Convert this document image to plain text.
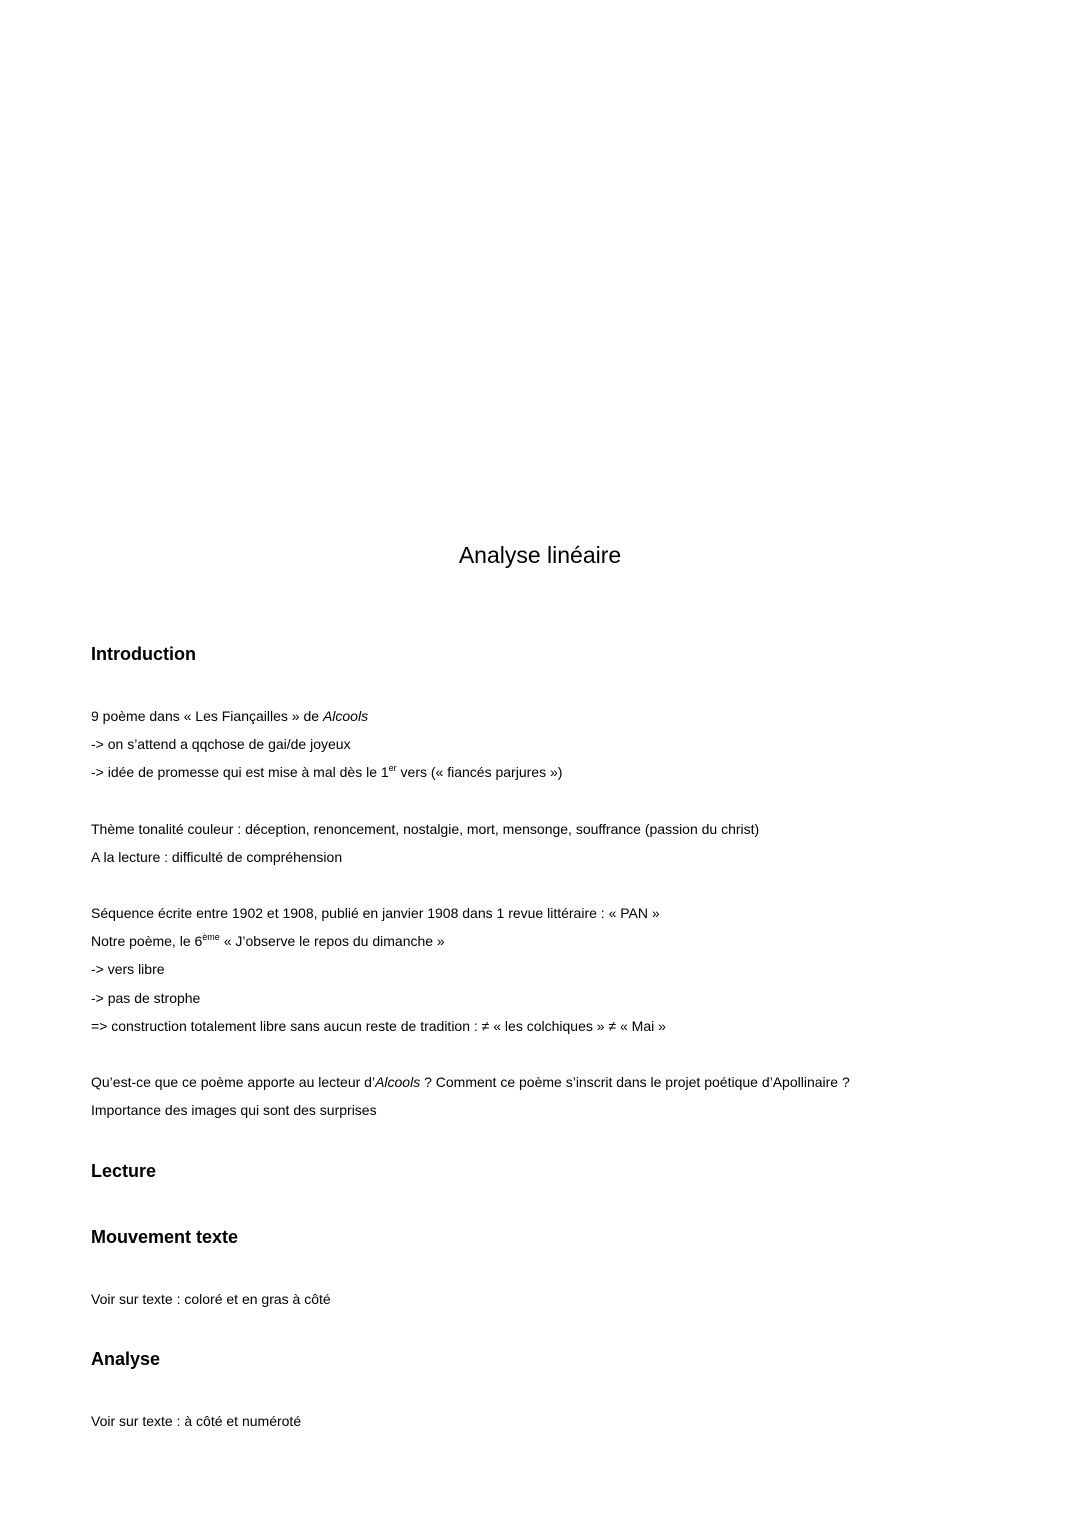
Analyse linéaire
Introduction

9 poème dans « Les Fiançailles » de Alcools

-> on s’attend a qqchose de gai/de joyeux

-> idée de promesse qui est mise à mal dès le 1er vers (« fiancés parjures »)

Thème tonalité couleur : déception, renoncement, nostalgie, mort, mensonge, souffrance (passion du christ)

A la lecture : difficulté de compréhension

Séquence écrite entre 1902 et 1908, publié en janvier 1908 dans 1 revue littéraire : « PAN »

Notre poème, le 6ème « J’observe le repos du dimanche »

-> vers libre

-> pas de strophe

=> construction totalement libre sans aucun reste de tradition : ≠ « les colchiques » ≠ « Mai »

Qu’est-ce que ce poème apporte au lecteur d’Alcools ? Comment ce poème s’inscrit dans le projet poétique d’Apollinaire ?

Importance des images qui sont des surprises

Lecture
Mouvement texte

Voir sur texte : coloré et en gras à côté

Analyse

Voir sur texte : à côté et numéroté
